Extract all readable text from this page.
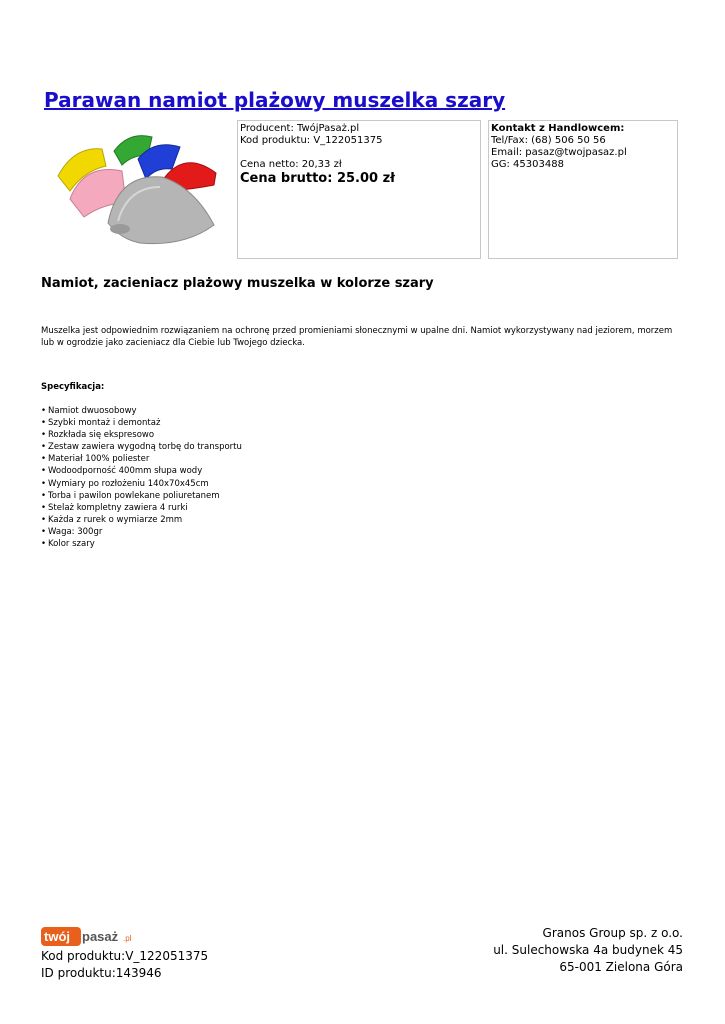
Parawan namiot plażowy muszelka szary
Producent: TwójPasaż.pl
Kod produktu: V_122051375
Cena netto: 20,33 zł
Cena brutto: 25.00 zł
Kontakt z Handlowcem:
Tel/Fax: (68) 506 50 56
Email: pasaz@twojpasaz.pl
GG: 45303488
Namiot, zacieniacz plażowy muszelka w kolorze szary

Muszelka jest odpowiednim rozwiązaniem na ochronę przed promieniami słonecznymi w upalne dni. Namiot wykorzystywany nad jeziorem, morzem lub w ogrodzie jako zacieniacz dla Ciebie lub Twojego dziecka.

Specyfikacja:

• Namiot dwuosobowy
• Szybki montaż i demontaż
• Rozkłada się ekspresowo
• Zestaw zawiera wygodną torbę do transportu
• Materiał 100% poliester
• Wodoodporność 400mm słupa wody
• Wymiary po rozłożeniu 140x70x45cm
• Torba i pawilon powlekane poliuretanem
• Stelaż kompletny zawiera 4 rurki
• Każda z rurek o wymiarze 2mm
• Waga: 300gr
• Kolor szary
twój pasaż .pl
Kod produktu:V_122051375
ID produktu:143946
Granos Group sp. z o.o.
ul. Sulechowska 4a budynek 45
65-001 Zielona Góra
